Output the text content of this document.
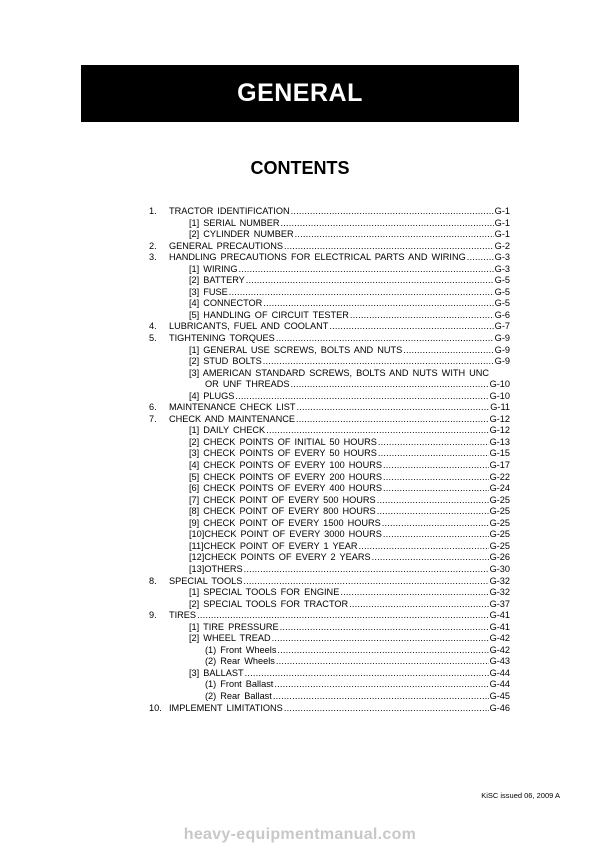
GENERAL
CONTENTS
1.	TRACTOR IDENTIFICATION .....	G-1
[1] SERIAL NUMBER .....	G-1
[2] CYLINDER NUMBER .....	G-1
2.	GENERAL PRECAUTIONS .....	G-2
3.	HANDLING PRECAUTIONS FOR ELECTRICAL PARTS AND WIRING .....	G-3
[1] WIRING .....	G-3
[2] BATTERY .....	G-5
[3] FUSE .....	G-5
[4] CONNECTOR .....	G-5
[5] HANDLING OF CIRCUIT TESTER .....	G-6
4.	LUBRICANTS, FUEL AND COOLANT .....	G-7
5.	TIGHTENING TORQUES .....	G-9
[1] GENERAL USE SCREWS, BOLTS AND NUTS .....	G-9
[2] STUD BOLTS .....	G-9
[3] AMERICAN STANDARD SCREWS, BOLTS AND NUTS WITH UNC
OR UNF THREADS .....	G-10
[4] PLUGS .....	G-10
6.	MAINTENANCE CHECK LIST .....	G-11
7.	CHECK AND MAINTENANCE .....	G-12
[1] DAILY CHECK .....	G-12
[2] CHECK POINTS OF INITIAL 50 HOURS .....	G-13
[3] CHECK POINTS OF EVERY 50 HOURS .....	G-15
[4] CHECK POINTS OF EVERY 100 HOURS .....	G-17
[5] CHECK POINTS OF EVERY 200 HOURS .....	G-22
[6] CHECK POINTS OF EVERY 400 HOURS .....	G-24
[7] CHECK POINT OF EVERY 500 HOURS .....	G-25
[8] CHECK POINT OF EVERY 800 HOURS .....	G-25
[9] CHECK POINT OF EVERY 1500 HOURS .....	G-25
[10]CHECK POINT OF EVERY 3000 HOURS .....	G-25
[11]CHECK POINT OF EVERY 1 YEAR .....	G-25
[12]CHECK POINTS OF EVERY 2 YEARS .....	G-26
[13]OTHERS .....	G-30
8.	SPECIAL TOOLS .....	G-32
[1] SPECIAL TOOLS FOR ENGINE .....	G-32
[2] SPECIAL TOOLS FOR TRACTOR .....	G-37
9.	TIRES .....	G-41
[1] TIRE PRESSURE .....	G-41
[2] WHEEL TREAD .....	G-42
(1) Front Wheels .....	G-42
(2) Rear Wheels .....	G-43
[3] BALLAST .....	G-44
(1) Front Ballast .....	G-44
(2) Rear Ballast .....	G-45
10. IMPLEMENT LIMITATIONS .....	G-46
KiSC issued 06, 2009 A
heavy-equipmentmanual.com
